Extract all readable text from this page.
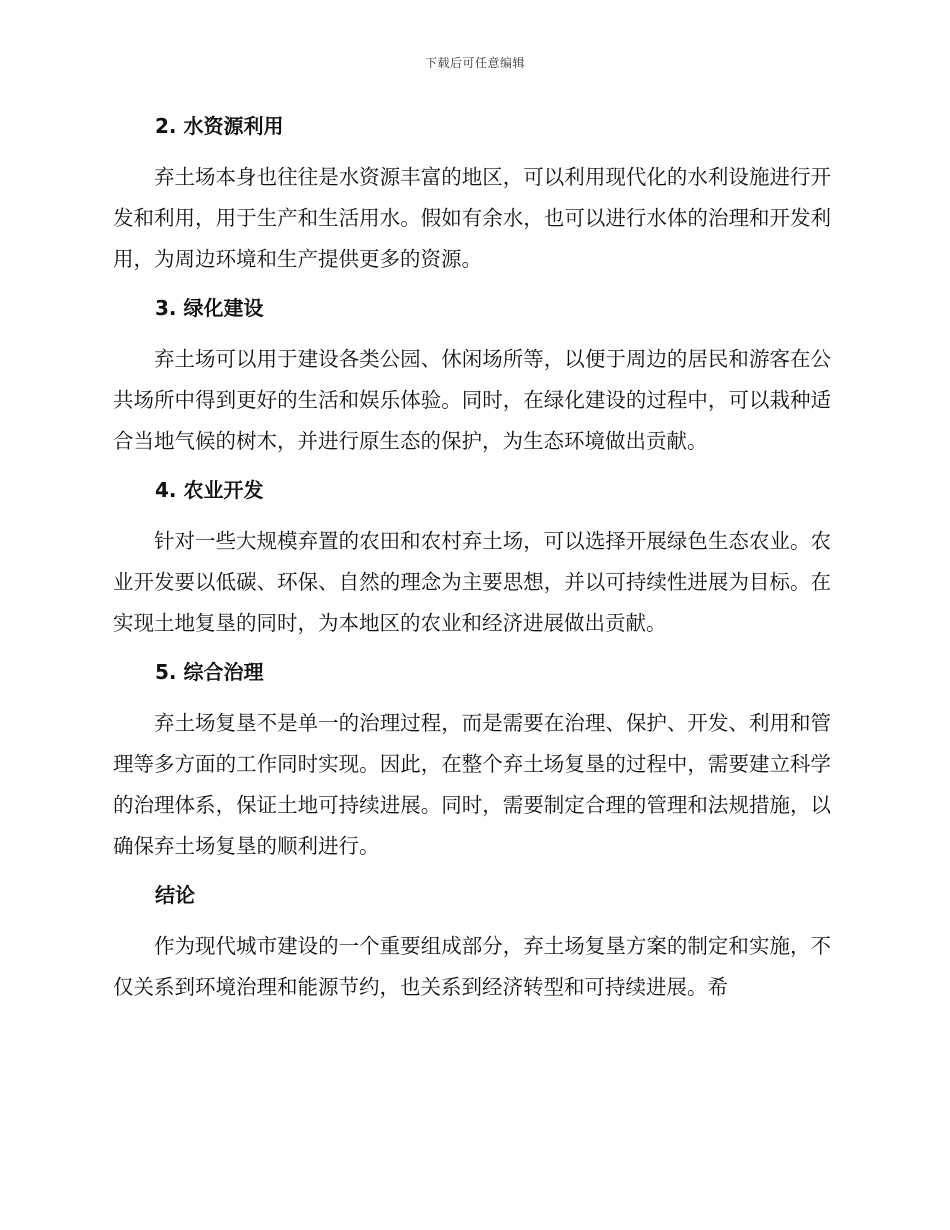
下载后可任意编辑
2. 水资源利用

弃土场本身也往往是水资源丰富的地区，可以利用现代化的水利设施进行开发和利用，用于生产和生活用水。假如有余水，也可以进行水体的治理和开发利用，为周边环境和生产提供更多的资源。

3. 绿化建设

弃土场可以用于建设各类公园、休闲场所等，以便于周边的居民和游客在公共场所中得到更好的生活和娱乐体验。同时，在绿化建设的过程中，可以栽种适合当地气候的树木，并进行原生态的保护，为生态环境做出贡献。

4. 农业开发

针对一些大规模弃置的农田和农村弃土场，可以选择开展绿色生态农业。农业开发要以低碳、环保、自然的理念为主要思想，并以可持续性进展为目标。在实现土地复垦的同时，为本地区的农业和经济进展做出贡献。

5. 综合治理

弃土场复垦不是单一的治理过程，而是需要在治理、保护、开发、利用和管理等多方面的工作同时实现。因此，在整个弃土场复垦的过程中，需要建立科学的治理体系，保证土地可持续进展。同时，需要制定合理的管理和法规措施，以确保弃土场复垦的顺利进行。

结论

作为现代城市建设的一个重要组成部分，弃土场复垦方案的制定和实施，不仅关系到环境治理和能源节约，也关系到经济转型和可持续进展。希
